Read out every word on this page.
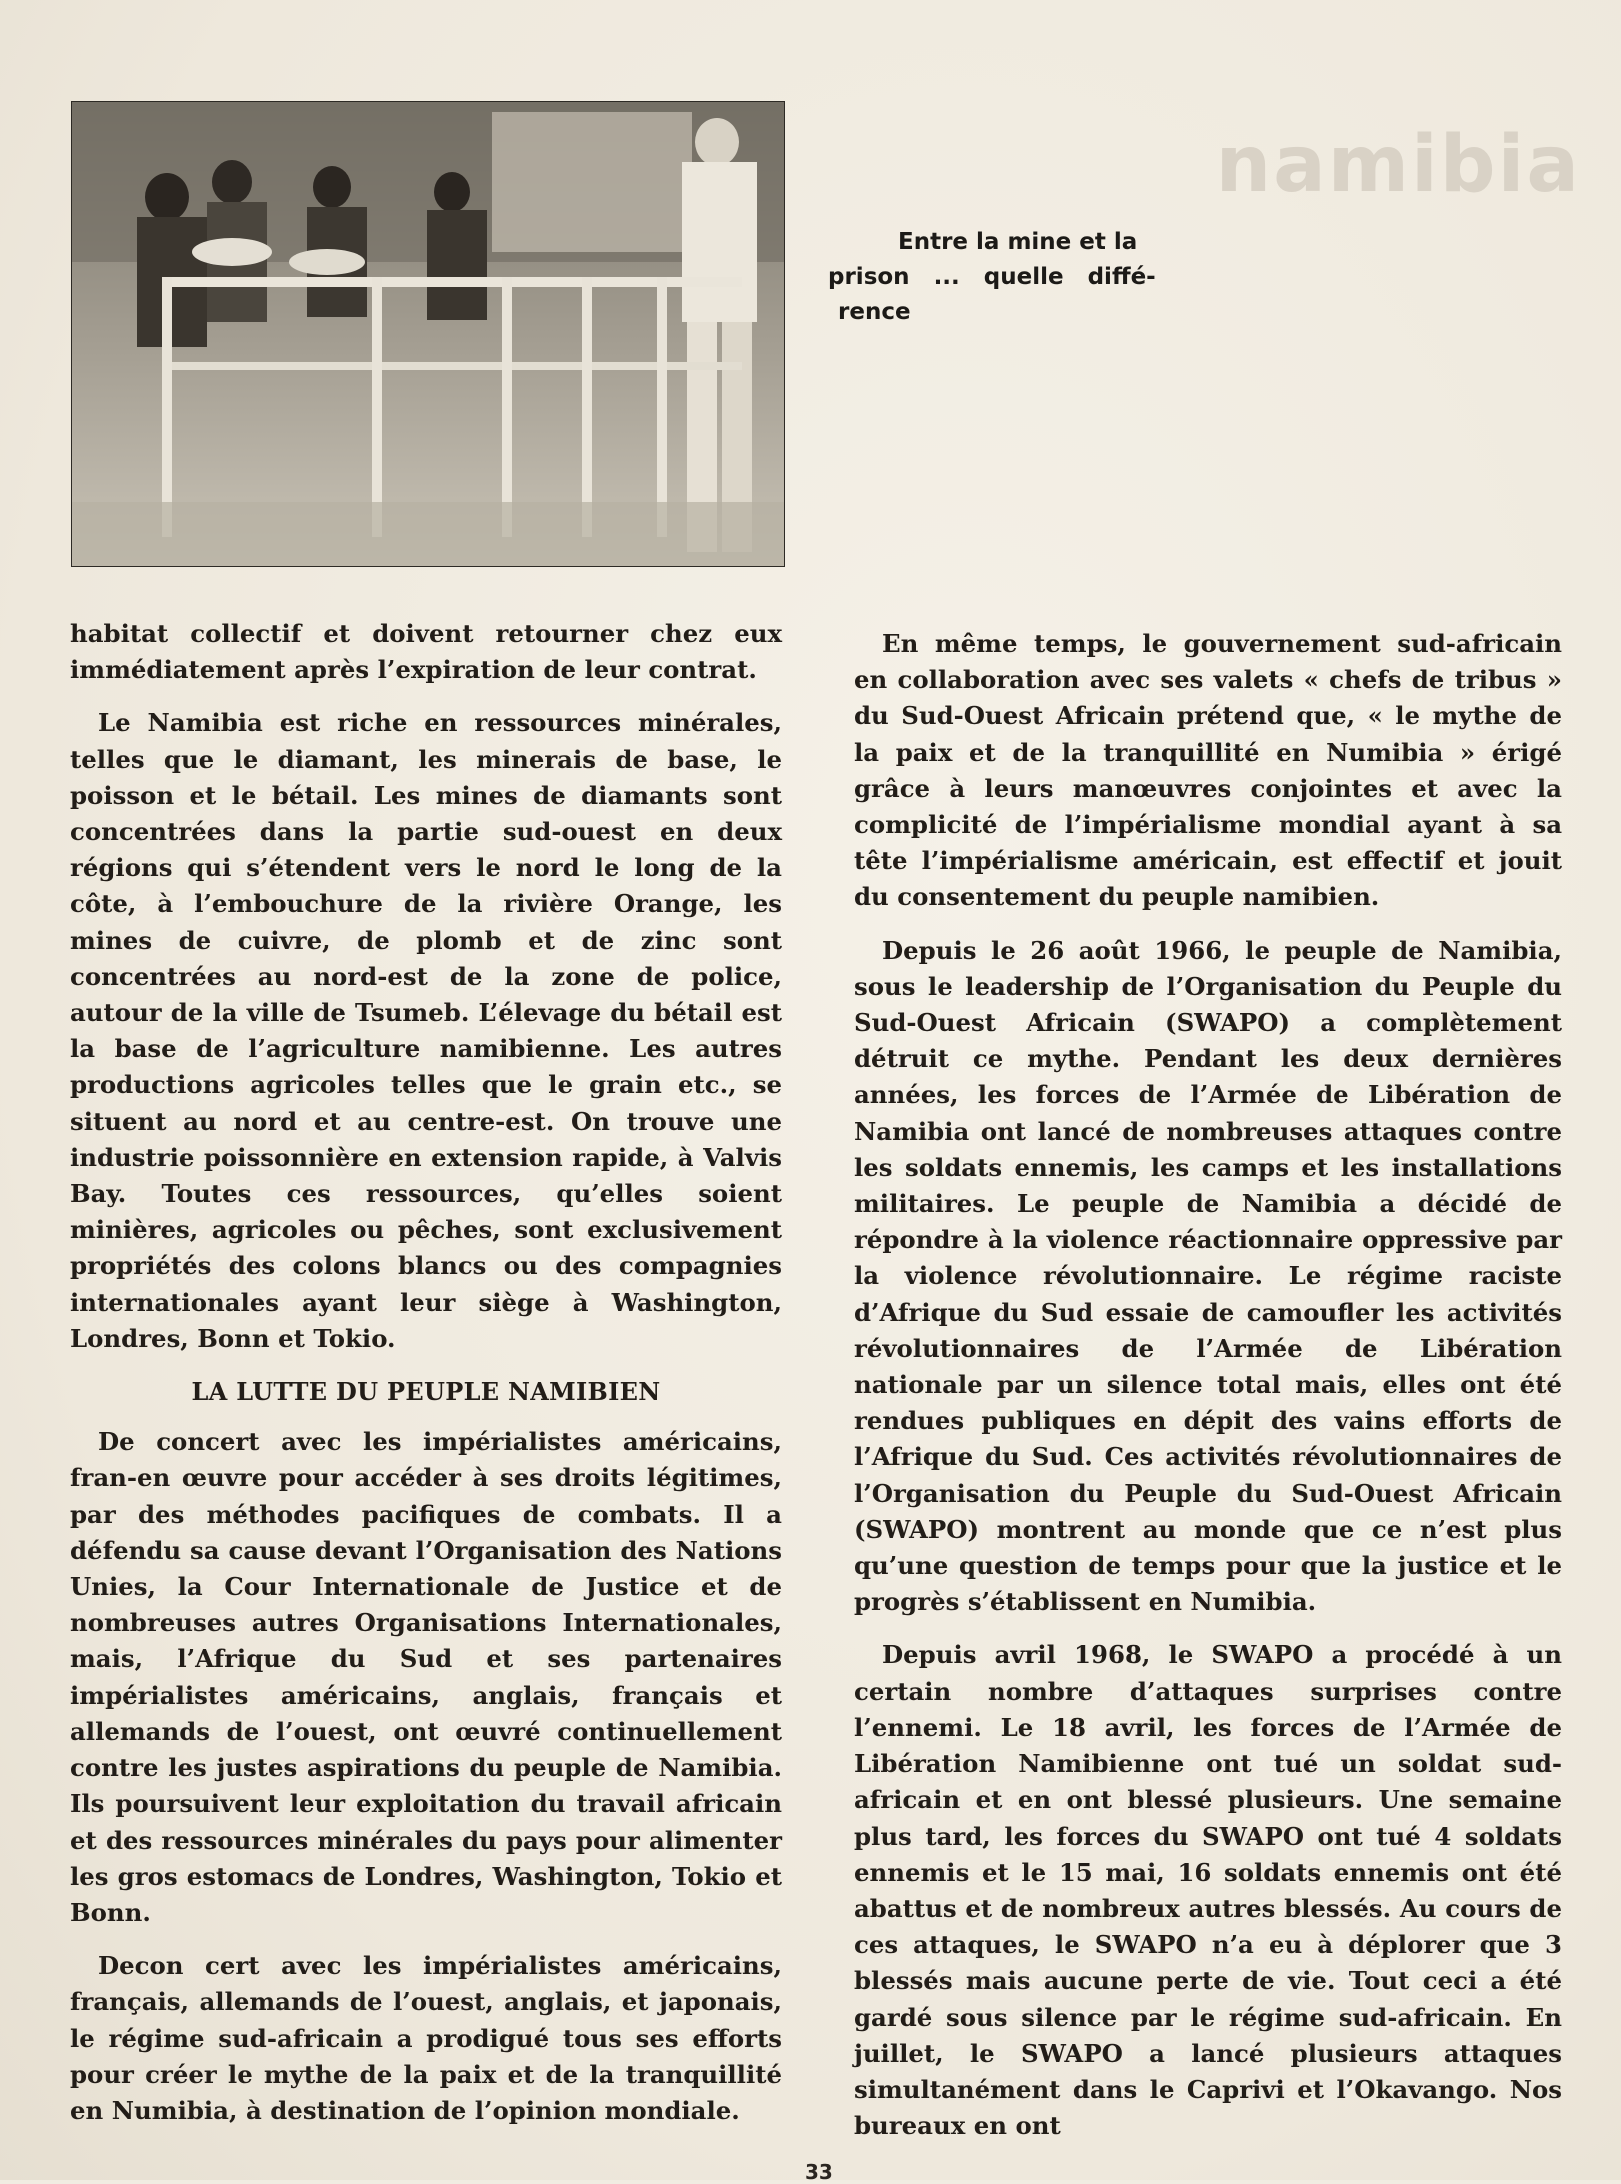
namibia
Entre la mine et la
prison ... quelle diffé-
rence

habitat collectif et doivent retourner chez eux immédiatement après l’expiration de leur contrat.

Le Namibia est riche en ressources minérales, telles que le diamant, les minerais de base, le poisson et le bétail. Les mines de diamants sont concentrées dans la partie sud-ouest en deux régions qui s’étendent vers le nord le long de la côte, à l’embouchure de la rivière Orange, les mines de cuivre, de plomb et de zinc sont concentrées au nord-est de la zone de police, autour de la ville de Tsumeb. L’élevage du bétail est la base de l’agriculture namibienne. Les autres productions agricoles telles que le grain etc., se situent au nord et au centre-est. On trouve une industrie poissonnière en extension rapide, à Valvis Bay. Toutes ces ressources, qu’elles soient minières, agricoles ou pêches, sont exclusivement propriétés des colons blancs ou des compagnies internationales ayant leur siège à Washington, Londres, Bonn et Tokio.

LA LUTTE DU PEUPLE NAMIBIEN

De concert avec les impérialistes américains, fran-en œuvre pour accéder à ses droits légitimes, par des méthodes pacifiques de combats. Il a défendu sa cause devant l’Organisation des Nations Unies, la Cour Internationale de Justice et de nombreuses autres Organisations Internationales, mais, l’Afrique du Sud et ses partenaires impérialistes américains, anglais, français et allemands de l’ouest, ont œuvré continuellement contre les justes aspirations du peuple de Namibia. Ils poursuivent leur exploitation du travail africain et des ressources minérales du pays pour alimenter les gros estomacs de Londres, Washington, Tokio et Bonn.

Decon cert avec les impérialistes américains, français, allemands de l’ouest, anglais, et japonais, le régime sud-africain a prodigué tous ses efforts pour créer le mythe de la paix et de la tranquillité en Numibia, à destination de l’opinion mondiale.

En même temps, le gouvernement sud-africain en collaboration avec ses valets « chefs de tribus » du Sud-Ouest Africain prétend que, « le mythe de la paix et de la tranquillité en Numibia » érigé grâce à leurs manœuvres conjointes et avec la complicité de l’impérialisme mondial ayant à sa tête l’impérialisme américain, est effectif et jouit du consentement du peuple namibien.

Depuis le 26 août 1966, le peuple de Namibia, sous le leadership de l’Organisation du Peuple du Sud-Ouest Africain (SWAPO) a complètement détruit ce mythe. Pendant les deux dernières années, les forces de l’Armée de Libération de Namibia ont lancé de nombreuses attaques contre les soldats ennemis, les camps et les installations militaires. Le peuple de Namibia a décidé de répondre à la violence réactionnaire oppressive par la violence révolutionnaire. Le régime raciste d’Afrique du Sud essaie de camoufler les activités révolutionnaires de l’Armée de Libération nationale par un silence total mais, elles ont été rendues publiques en dépit des vains efforts de l’Afrique du Sud. Ces activités révolutionnaires de l’Organisation du Peuple du Sud-Ouest Africain (SWAPO) montrent au monde que ce n’est plus qu’une question de temps pour que la justice et le progrès s’établissent en Numibia.

Depuis avril 1968, le SWAPO a procédé à un certain nombre d’attaques surprises contre l’ennemi. Le 18 avril, les forces de l’Armée de Libération Namibienne ont tué un soldat sud-africain et en ont blessé plusieurs. Une semaine plus tard, les forces du SWAPO ont tué 4 soldats ennemis et le 15 mai, 16 soldats ennemis ont été abattus et de nombreux autres blessés. Au cours de ces attaques, le SWAPO n’a eu à déplorer que 3 blessés mais aucune perte de vie. Tout ceci a été gardé sous silence par le régime sud-africain. En juillet, le SWAPO a lancé plusieurs attaques simultanément dans le Caprivi et l’Okavango. Nos bureaux en ont

33
